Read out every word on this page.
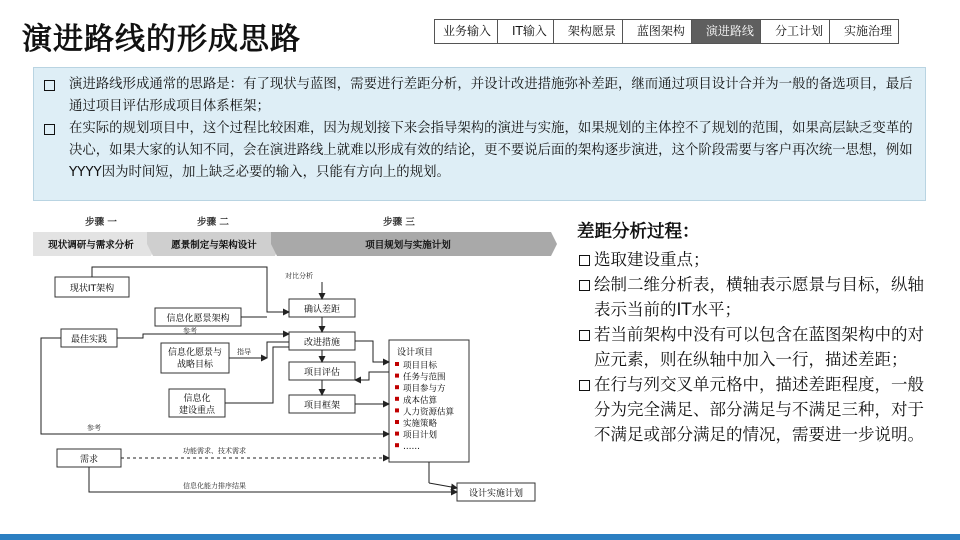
演进路线的形成思路	业务输入	IT输入	架构愿景	蓝图架构	演进路线	分工计划	实施治理
演进路线形成通常的思路是：有了现状与蓝图，需要进行差距分析，并设计改进措施弥补差距，继而通过项目设计合并为一般的备选项目，最后通过项目评估形成项目体系框架；
在实际的规划项目中，这个过程比较困难，因为规划接下来会指导架构的演进与实施，如果规划的主体控不了规划的范围，如果高层缺乏变革的决心，如果大家的认知不同，会在演进路线上就难以形成有效的结论，更不要说后面的架构逐步演进，这个阶段需要与客户再次统一思想，例如YYYY因为时间短，加上缺乏必要的输入，只能有方向上的规划。
步骤 一	步骤 二	步骤 三
现状调研与需求分析	愿景制定与架构设计	项目规划与实施计划
现状IT架构
最佳实践
需求
信息化愿景架构
信息化愿景与
战略目标
信息化
建设重点
确认差距
改进措施
项目评估
项目框架
设计项目
项目目标
任务与范围
项目参与方
成本估算
人力资源估算
实施策略
项目计划
……
设计实施计划
对比分析
参考
指导
参考
功能需求、技术需求
信息化能力排序结果
差距分析过程：
选取建设重点；
绘制二维分析表，横轴表示愿景与目标，纵轴表示当前的IT水平；
若当前架构中没有可以包含在蓝图架构中的对应元素，则在纵轴中加入一行，描述差距；
在行与列交叉单元格中，描述差距程度，一般分为完全满足、部分满足与不满足三种，对于不满足或部分满足的情况，需要进一步说明。
